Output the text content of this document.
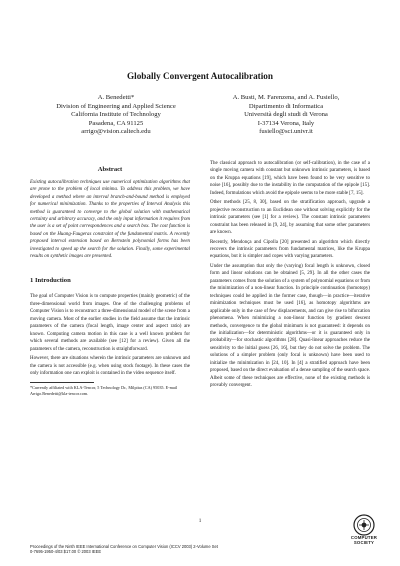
Globally Convergent Autocalibration
A. Benedetti*
Division of Engineering and Applied Science
California Institute of Technology
Pasadena, CA 91125
arrigo@vision.caltech.edu
A. Busti, M. Farenzena, and A. Fusiello,
Dipartimento di Informatica
Università degli studi di Verona
I-37134 Verona, Italy
fusiello@sci.univr.it
Abstract

Existing autocalibration techniques use numerical optimization algorithms that are prone to the problem of local minima. To address this problem, we have developed a method where an interval branch-and-bound method is employed for numerical minimization. Thanks to the properties of Interval Analysis this method is guaranteed to converge to the global solution with mathematical certainty and arbitrary accuracy, and the only input information it requires from the user is a set of point correspondences and a search box. The cost function is based on the Huang-Faugeras constraint of the fundamental matrix. A recently proposed interval extension based on Bernstein polynomial forms has been investigated to speed up the search for the solution. Finally, some experimental results on synthetic images are presented.

1 Introduction

The goal of Computer Vision is to compute properties (mainly geometric) of the three-dimensional world from images. One of the challenging problems of Computer Vision is to reconstruct a three-dimensional model of the scene from a moving camera. Most of the earlier studies in the field assume that the intrinsic parameters of the camera (focal length, image center and aspect ratio) are known. Computing camera motion in this case is a well known problem for which several methods are available (see [12] for a review). Given all the parameters of the camera, reconstruction is straightforward.

However, there are situations wherein the intrinsic parameters are unknown and the camera is not accessible (e.g. when using stock footage). In these cases the only information one can exploit is contained in the video sequence itself.

*Currently affiliated with KLA-Tencor, 5 Technology Dr., Milpitas (CA) 95035. E-mail Arrigo.Benedetti@kla-tencor.com.

The classical approach to autocalibration (or self-calibration), in the case of a single moving camera with constant but unknown intrinsic parameters, is based on the Kruppa equations [19], which have been found to be very sensitive to noise [16], possibly due to the instability in the computation of the epipole [15]. Indeed, formulations which avoid the epipole seems to be more stable [7, 15].

Other methods [25, 8, 30], based on the stratification approach, upgrade a projective reconstruction to an Euclidean one without solving explicitly for the intrinsic parameters (see [1] for a review). The constant intrinsic parameters constraint has been released in [9, 24], by assuming that some other parameters are known.

Recently, Mendonça and Cipolla [20] presented an algorithm which directly recovers the intrinsic parameters from fundamental matrices, like the Kruppa equations, but it is simpler and copes with varying parameters.

Under the assumption that only the (varying) focal length is unknown, closed form and linear solutions can be obtained [5, 29]. In all the other cases the parameters comes from the solution of a system of polynomial equations or from the minimization of a non-linear function. In principle continuation (homotopy) techniques could be applied in the former case, though—in practice—iterative minimization techniques must be used [16], as homotopy algorithms are applicable only in the case of few displacements, and can give rise to bifurcation phenomena. When minimizing a non-linear function by gradient descent methods, convergence to the global minimum is not guaranteed: it depends on the initialization—for deterministic algorithms—or it is guaranteed only in probability—for stochastic algorithms [28]. Quasi-linear approaches reduce the sensitivity to the initial guess [26, 16], but they do not solve the problem. The solutions of a simpler problem (only focal is unknown) have been used to initialize the minimization in [24, 10]. In [4] a stratified approach have been proposed, based on the direct evaluation of a dense sampling of the search space. Albeit some of these techniques are effective, none of the existing methods is provably convergent.

1
Proceedings of the Ninth IEEE International Conference on Computer Vision (ICCV 2003) 2-Volume Set
0-7695-1950-4/03 $17.00 © 2003 IEEE
COMPUTER
SOCIETY
